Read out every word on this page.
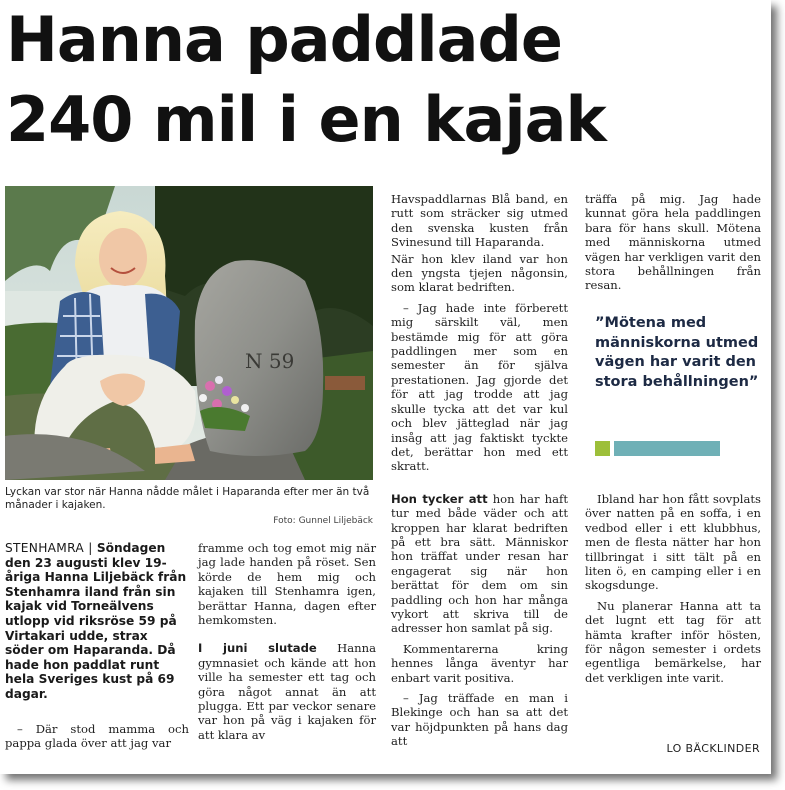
Hanna paddlade
240 mil i en kajak
N 59
Lyckan var stor när Hanna nådde målet i Haparanda efter mer än två månader i kajaken.
Foto: Gunnel Liljebäck
STENHAMRA | Söndagen den 23 augusti klev 19-åriga Hanna Liljebäck från Stenhamra iland från sin kajak vid Torneälvens utlopp vid riksröse 59 på Virtakari udde, strax söder om Haparanda. Då hade hon paddlat runt hela Sveriges kust på 69 dagar.

– Där stod mamma och pappa glada över att jag var

framme och tog emot mig när jag lade handen på röset. Sen körde de hem mig och kajaken till Stenhamra igen, berättar Hanna, dagen efter hemkomsten.

I juni slutade Hanna gymnasiet och kände att hon ville ha semester ett tag och göra något annat än att plugga. Ett par veckor senare var hon på väg i kajaken för att klara av

Havspaddlarnas Blå band, en rutt som sträcker sig utmed den svenska kusten från Svinesund till Haparanda.

När hon klev iland var hon den yngsta tjejen någonsin, som klarat bedriften.

– Jag hade inte förberett mig särskilt väl, men bestämde mig för att göra paddlingen mer som en semester än för själva prestationen. Jag gjorde det för att jag trodde att jag skulle tycka att det var kul och blev jätteglad när jag insåg att jag faktiskt tyckte det, berättar hon med ett skratt.

Hon tycker att hon har haft tur med både väder och att kroppen har klarat bedriften på ett bra sätt. Människor hon träffat under resan har engagerat sig när hon berättat för dem om sin paddling och hon har många vykort att skriva till de adresser hon samlat på sig.

Kommentarerna kring hennes långa äventyr har enbart varit positiva.

– Jag träffade en man i Blekinge och han sa att det var höjdpunkten på hans dag att

träffa på mig. Jag hade kunnat göra hela paddlingen bara för hans skull. Mötena med människorna utmed vägen har verkligen varit den stora behållningen från resan.

”Mötena med människorna utmed vägen har varit den stora behållningen”

Ibland har hon fått sovplats över natten på en soffa, i en vedbod eller i ett klubbhus, men de flesta nätter har hon tillbringat i sitt tält på en liten ö, en camping eller i en skogsdunge.

Nu planerar Hanna att ta det lugnt ett tag för att hämta krafter inför hösten, för någon semester i ordets egentliga bemärkelse, har det verkligen inte varit.

LO BÄCKLINDER
